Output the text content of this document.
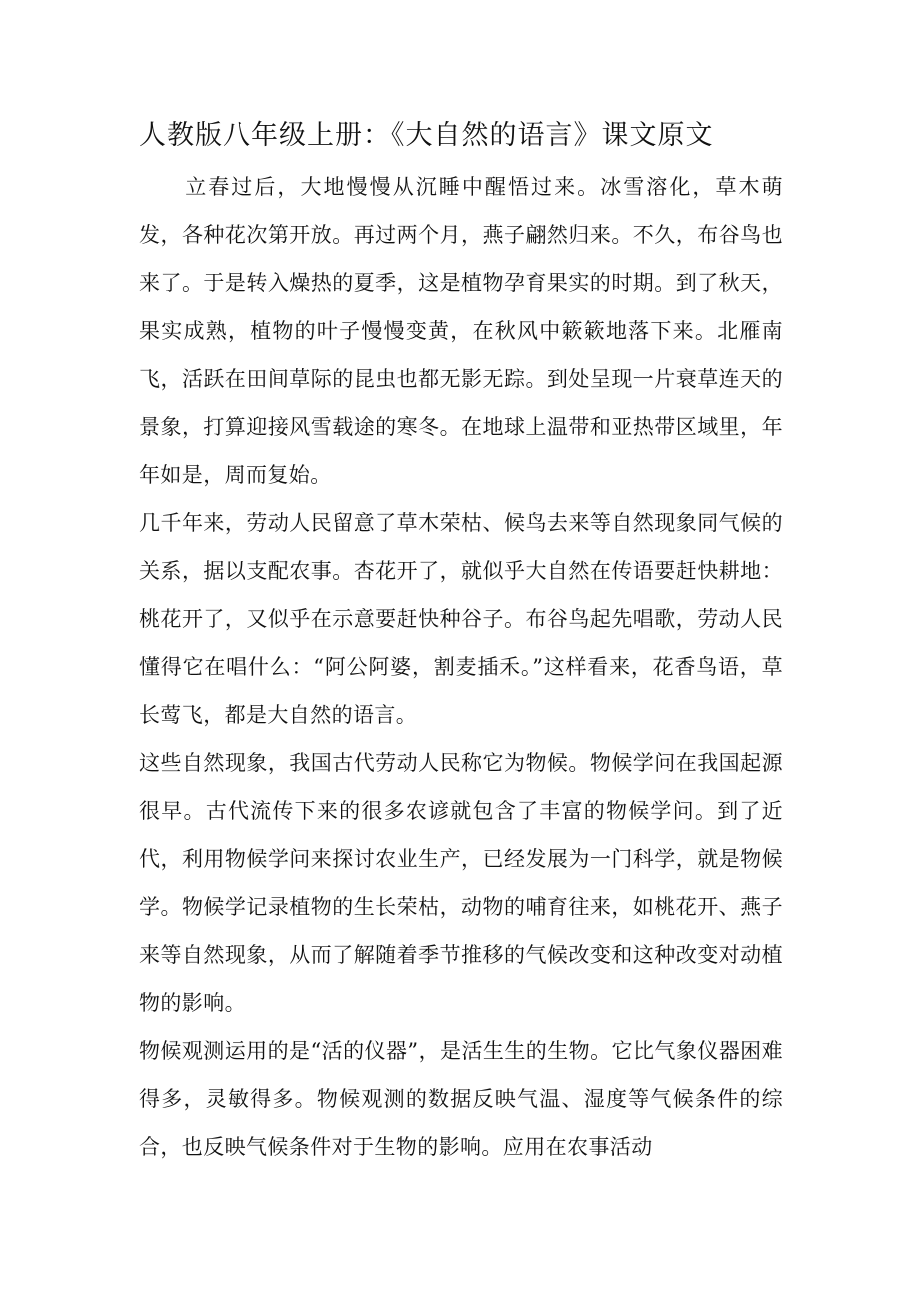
人教版八年级上册：《大自然的语言》课文原文

立春过后，大地慢慢从沉睡中醒悟过来。冰雪溶化，草木萌发，各种花次第开放。再过两个月，燕子翩然归来。不久，布谷鸟也来了。于是转入燥热的夏季，这是植物孕育果实的时期。到了秋天，果实成熟，植物的叶子慢慢变黄，在秋风中簌簌地落下来。北雁南飞，活跃在田间草际的昆虫也都无影无踪。到处呈现一片衰草连天的景象，打算迎接风雪载途的寒冬。在地球上温带和亚热带区域里，年年如是，周而复始。

几千年来，劳动人民留意了草木荣枯、候鸟去来等自然现象同气候的关系，据以支配农事。杏花开了，就似乎大自然在传语要赶快耕地：桃花开了，又似乎在示意要赶快种谷子。布谷鸟起先唱歌，劳动人民懂得它在唱什么：“阿公阿婆，割麦插禾。”这样看来，花香鸟语，草长莺飞，都是大自然的语言。

这些自然现象，我国古代劳动人民称它为物候。物候学问在我国起源很早。古代流传下来的很多农谚就包含了丰富的物候学问。到了近代，利用物候学问来探讨农业生产，已经发展为一门科学，就是物候学。物候学记录植物的生长荣枯，动物的哺育往来，如桃花开、燕子来等自然现象，从而了解随着季节推移的气候改变和这种改变对动植物的影响。

物候观测运用的是“活的仪器”，是活生生的生物。它比气象仪器困难得多，灵敏得多。物候观测的数据反映气温、湿度等气候条件的综合，也反映气候条件对于生物的影响。应用在农事活动
